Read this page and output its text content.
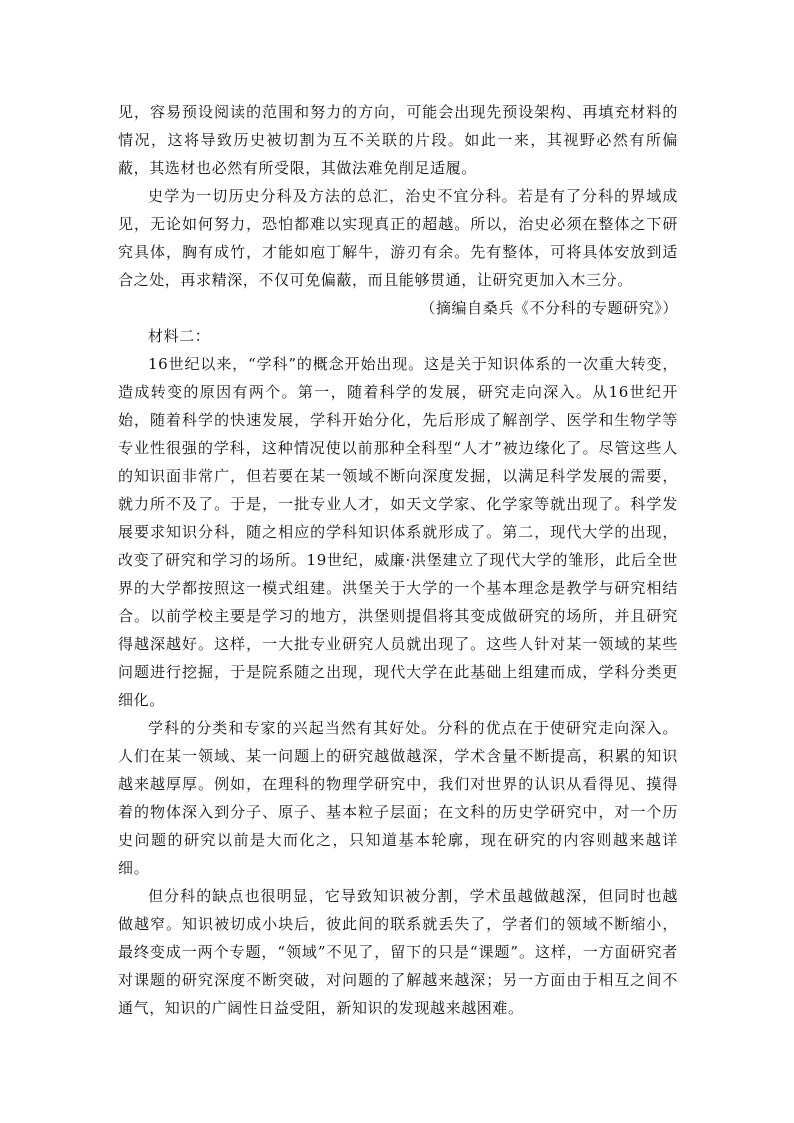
见，容易预设阅读的范围和努力的方向，可能会出现先预设架构、再填充材料的情况，这将导致历史被切割为互不关联的片段。如此一来，其视野必然有所偏蔽，其选材也必然有所受限，其做法难免削足适履。

史学为一切历史分科及方法的总汇，治史不宜分科。若是有了分科的界域成见，无论如何努力，恐怕都难以实现真正的超越。所以，治史必须在整体之下研究具体，胸有成竹，才能如庖丁解牛，游刃有余。先有整体，可将具体安放到适合之处，再求精深，不仅可免偏蔽，而且能够贯通，让研究更加入木三分。

（摘编自桑兵《不分科的专题研究》）

材料二：

16世纪以来，“学科”的概念开始出现。这是关于知识体系的一次重大转变，造成转变的原因有两个。第一，随着科学的发展，研究走向深入。从16世纪开始，随着科学的快速发展，学科开始分化，先后形成了解剖学、医学和生物学等专业性很强的学科，这种情况使以前那种全科型“人才”被边缘化了。尽管这些人的知识面非常广，但若要在某一领域不断向深度发掘，以满足科学发展的需要，就力所不及了。于是，一批专业人才，如天文学家、化学家等就出现了。科学发展要求知识分科，随之相应的学科知识体系就形成了。第二，现代大学的出现，改变了研究和学习的场所。19世纪，威廉·洪堡建立了现代大学的雏形，此后全世界的大学都按照这一模式组建。洪堡关于大学的一个基本理念是教学与研究相结合。以前学校主要是学习的地方，洪堡则提倡将其变成做研究的场所，并且研究得越深越好。这样，一大批专业研究人员就出现了。这些人针对某一领域的某些问题进行挖掘，于是院系随之出现，现代大学在此基础上组建而成，学科分类更细化。

学科的分类和专家的兴起当然有其好处。分科的优点在于使研究走向深入。人们在某一领域、某一问题上的研究越做越深，学术含量不断提高，积累的知识越来越厚厚。例如，在理科的物理学研究中，我们对世界的认识从看得见、摸得着的物体深入到分子、原子、基本粒子层面；在文科的历史学研究中，对一个历史问题的研究以前是大而化之，只知道基本轮廓，现在研究的内容则越来越详细。

但分科的缺点也很明显，它导致知识被分割，学术虽越做越深，但同时也越做越窄。知识被切成小块后，彼此间的联系就丢失了，学者们的领域不断缩小，最终变成一两个专题，“领域”不见了，留下的只是“课题”。这样，一方面研究者对课题的研究深度不断突破，对问题的了解越来越深；另一方面由于相互之间不通气，知识的广阔性日益受阻，新知识的发现越来越困难。
